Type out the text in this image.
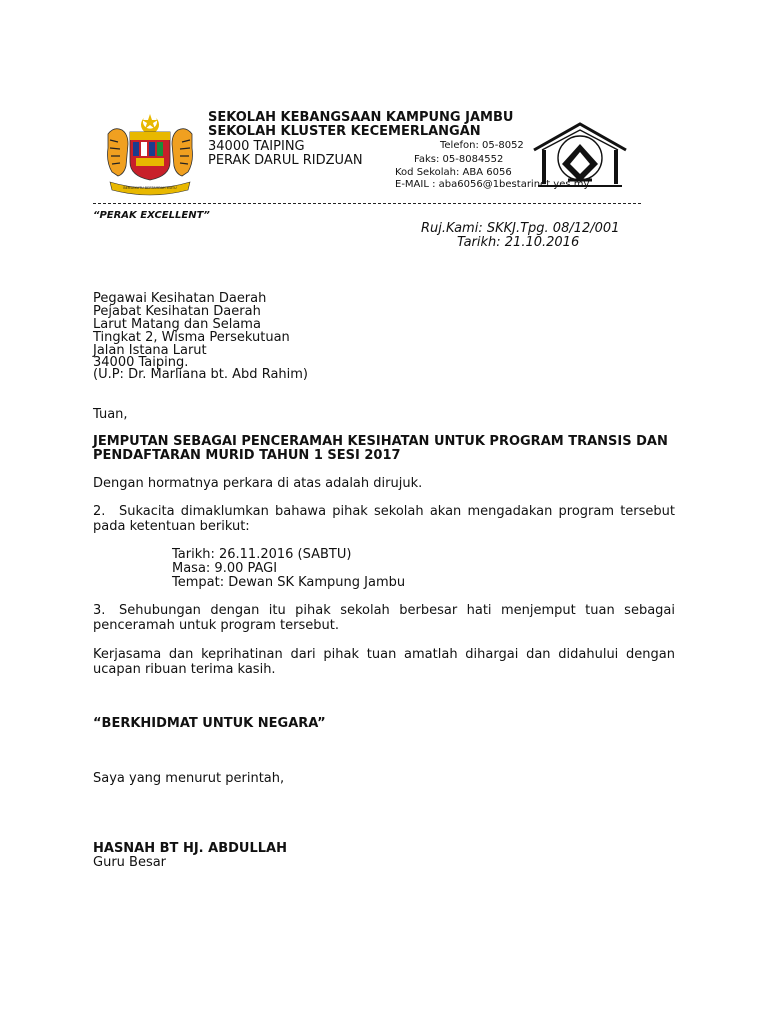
BERSEKUTU BERTAMBAH MUTU
SEKOLAH KEBANGSAAN KAMPUNG JAMBU
SEKOLAH KLUSTER KECEMERLANGAN
34000 TAIPING
PERAK DARUL RIDZUAN
Telefon: 05-8052
Faks: 05-8084552
Kod Sekolah: ABA 6056
E-MAIL : aba6056@1bestarinet.yes.my
“PERAK EXCELLENT”
Ruj.Kami: SKKJ.Tpg. 08/12/001
Tarikh: 21.10.2016
Pegawai Kesihatan Daerah
Pejabat Kesihatan Daerah
Larut Matang dan Selama
Tingkat 2, Wisma Persekutuan
Jalan Istana Larut
34000 Taiping.
(U.P: Dr. Marliana bt. Abd Rahim)
Tuan,
JEMPUTAN SEBAGAI PENCERAMAH KESIHATAN UNTUK PROGRAM TRANSIS DAN
PENDAFTARAN MURID TAHUN 1 SESI 2017
Dengan hormatnya perkara di atas adalah dirujuk.
2. Sukacita dimaklumkan bahawa pihak sekolah akan mengadakan program tersebut pada ketentuan berikut:
Tarikh: 26.11.2016 (SABTU)
Masa: 9.00 PAGI
Tempat: Dewan SK Kampung Jambu
3. Sehubungan dengan itu pihak sekolah berbesar hati menjemput tuan sebagai penceramah untuk program tersebut.
Kerjasama dan keprihatinan dari pihak tuan amatlah dihargai dan didahului dengan ucapan ribuan terima kasih.
“BERKHIDMAT UNTUK NEGARA”
Saya yang menurut perintah,
HASNAH BT HJ. ABDULLAH
Guru Besar
